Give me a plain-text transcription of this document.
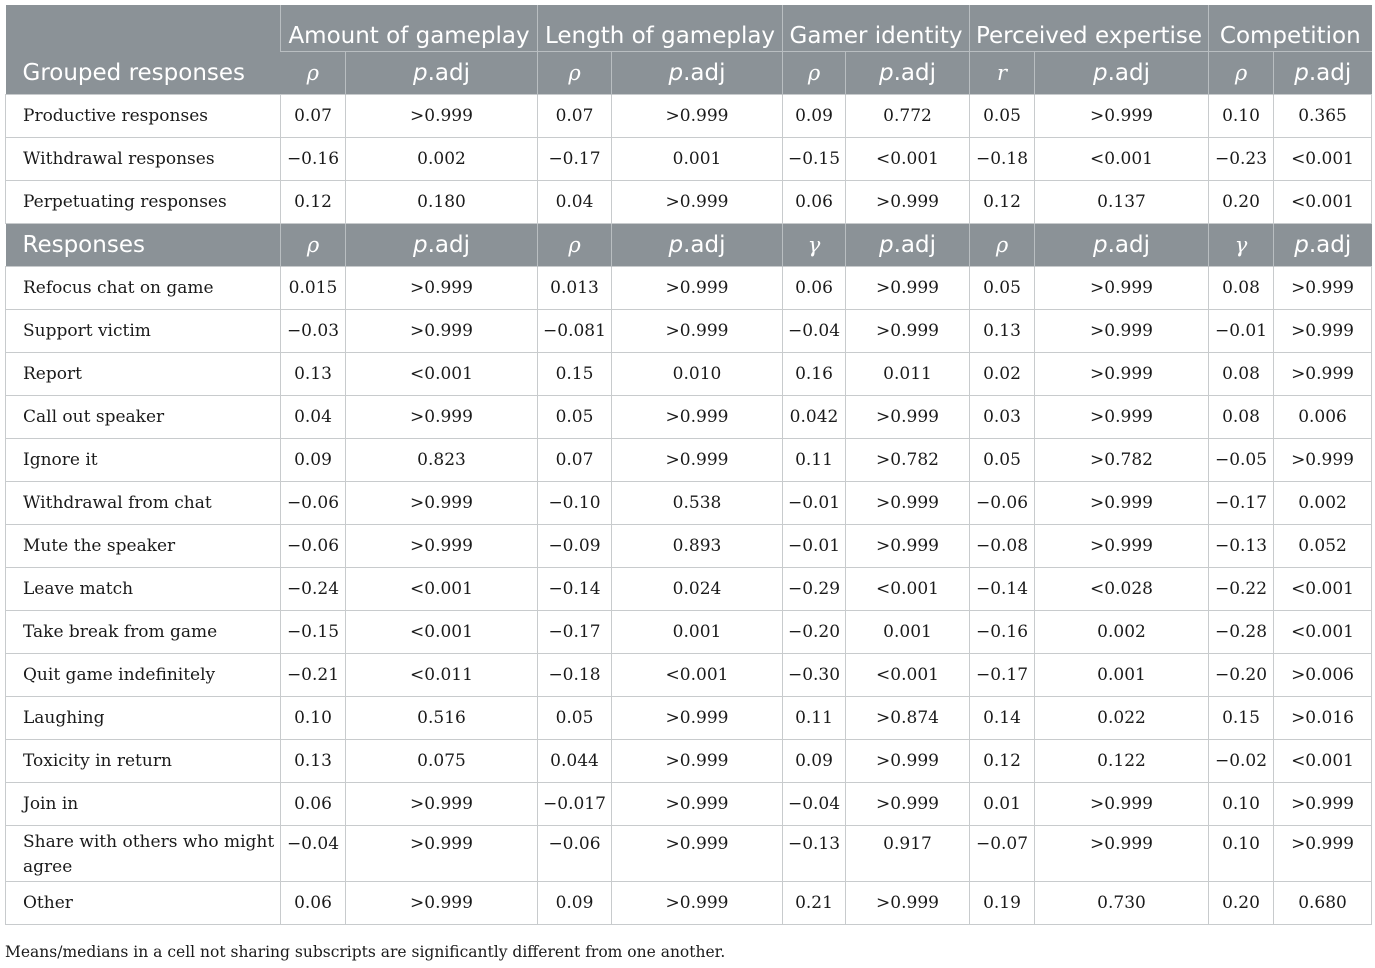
Grouped responses	Amount of gameplay		Length of gameplay		Gamer identity		Perceived expertise		Competition	
	ρ	p.adj	ρ	p.adj	ρ	p.adj	r	p.adj	ρ	p.adj
Productive responses	0.07	>0.999	0.07	>0.999	0.09	0.772	0.05	>0.999	0.10	0.365
Withdrawal responses	−0.16	0.002	−0.17	0.001	−0.15	<0.001	−0.18	<0.001	−0.23	<0.001
Perpetuating responses	0.12	0.180	0.04	>0.999	0.06	>0.999	0.12	0.137	0.20	<0.001
Responses	ρ	p.adj	ρ	p.adj	γ	p.adj	ρ	p.adj	γ	p.adj
Refocus chat on game	0.015	>0.999	0.013	>0.999	0.06	>0.999	0.05	>0.999	0.08	>0.999
Support victim	−0.03	>0.999	−0.081	>0.999	−0.04	>0.999	0.13	>0.999	−0.01	>0.999
Report	0.13	<0.001	0.15	0.010	0.16	0.011	0.02	>0.999	0.08	>0.999
Call out speaker	0.04	>0.999	0.05	>0.999	0.042	>0.999	0.03	>0.999	0.08	0.006
Ignore it	0.09	0.823	0.07	>0.999	0.11	>0.782	0.05	>0.782	−0.05	>0.999
Withdrawal from chat	−0.06	>0.999	−0.10	0.538	−0.01	>0.999	−0.06	>0.999	−0.17	0.002
Mute the speaker	−0.06	>0.999	−0.09	0.893	−0.01	>0.999	−0.08	>0.999	−0.13	0.052
Leave match	−0.24	<0.001	−0.14	0.024	−0.29	<0.001	−0.14	<0.028	−0.22	<0.001
Take break from game	−0.15	<0.001	−0.17	0.001	−0.20	0.001	−0.16	0.002	−0.28	<0.001
Quit game indefinitely	−0.21	<0.011	−0.18	<0.001	−0.30	<0.001	−0.17	0.001	−0.20	>0.006
Laughing	0.10	0.516	0.05	>0.999	0.11	>0.874	0.14	0.022	0.15	>0.016
Toxicity in return	0.13	0.075	0.044	>0.999	0.09	>0.999	0.12	0.122	−0.02	<0.001
Join in	0.06	>0.999	−0.017	>0.999	−0.04	>0.999	0.01	>0.999	0.10	>0.999
Share with others who might agree	−0.04	>0.999	−0.06	>0.999	−0.13	0.917	−0.07	>0.999	0.10	>0.999
Other	0.06	>0.999	0.09	>0.999	0.21	>0.999	0.19	0.730	0.20	0.680
Means/medians in a cell not sharing subscripts are significantly different from one another.
